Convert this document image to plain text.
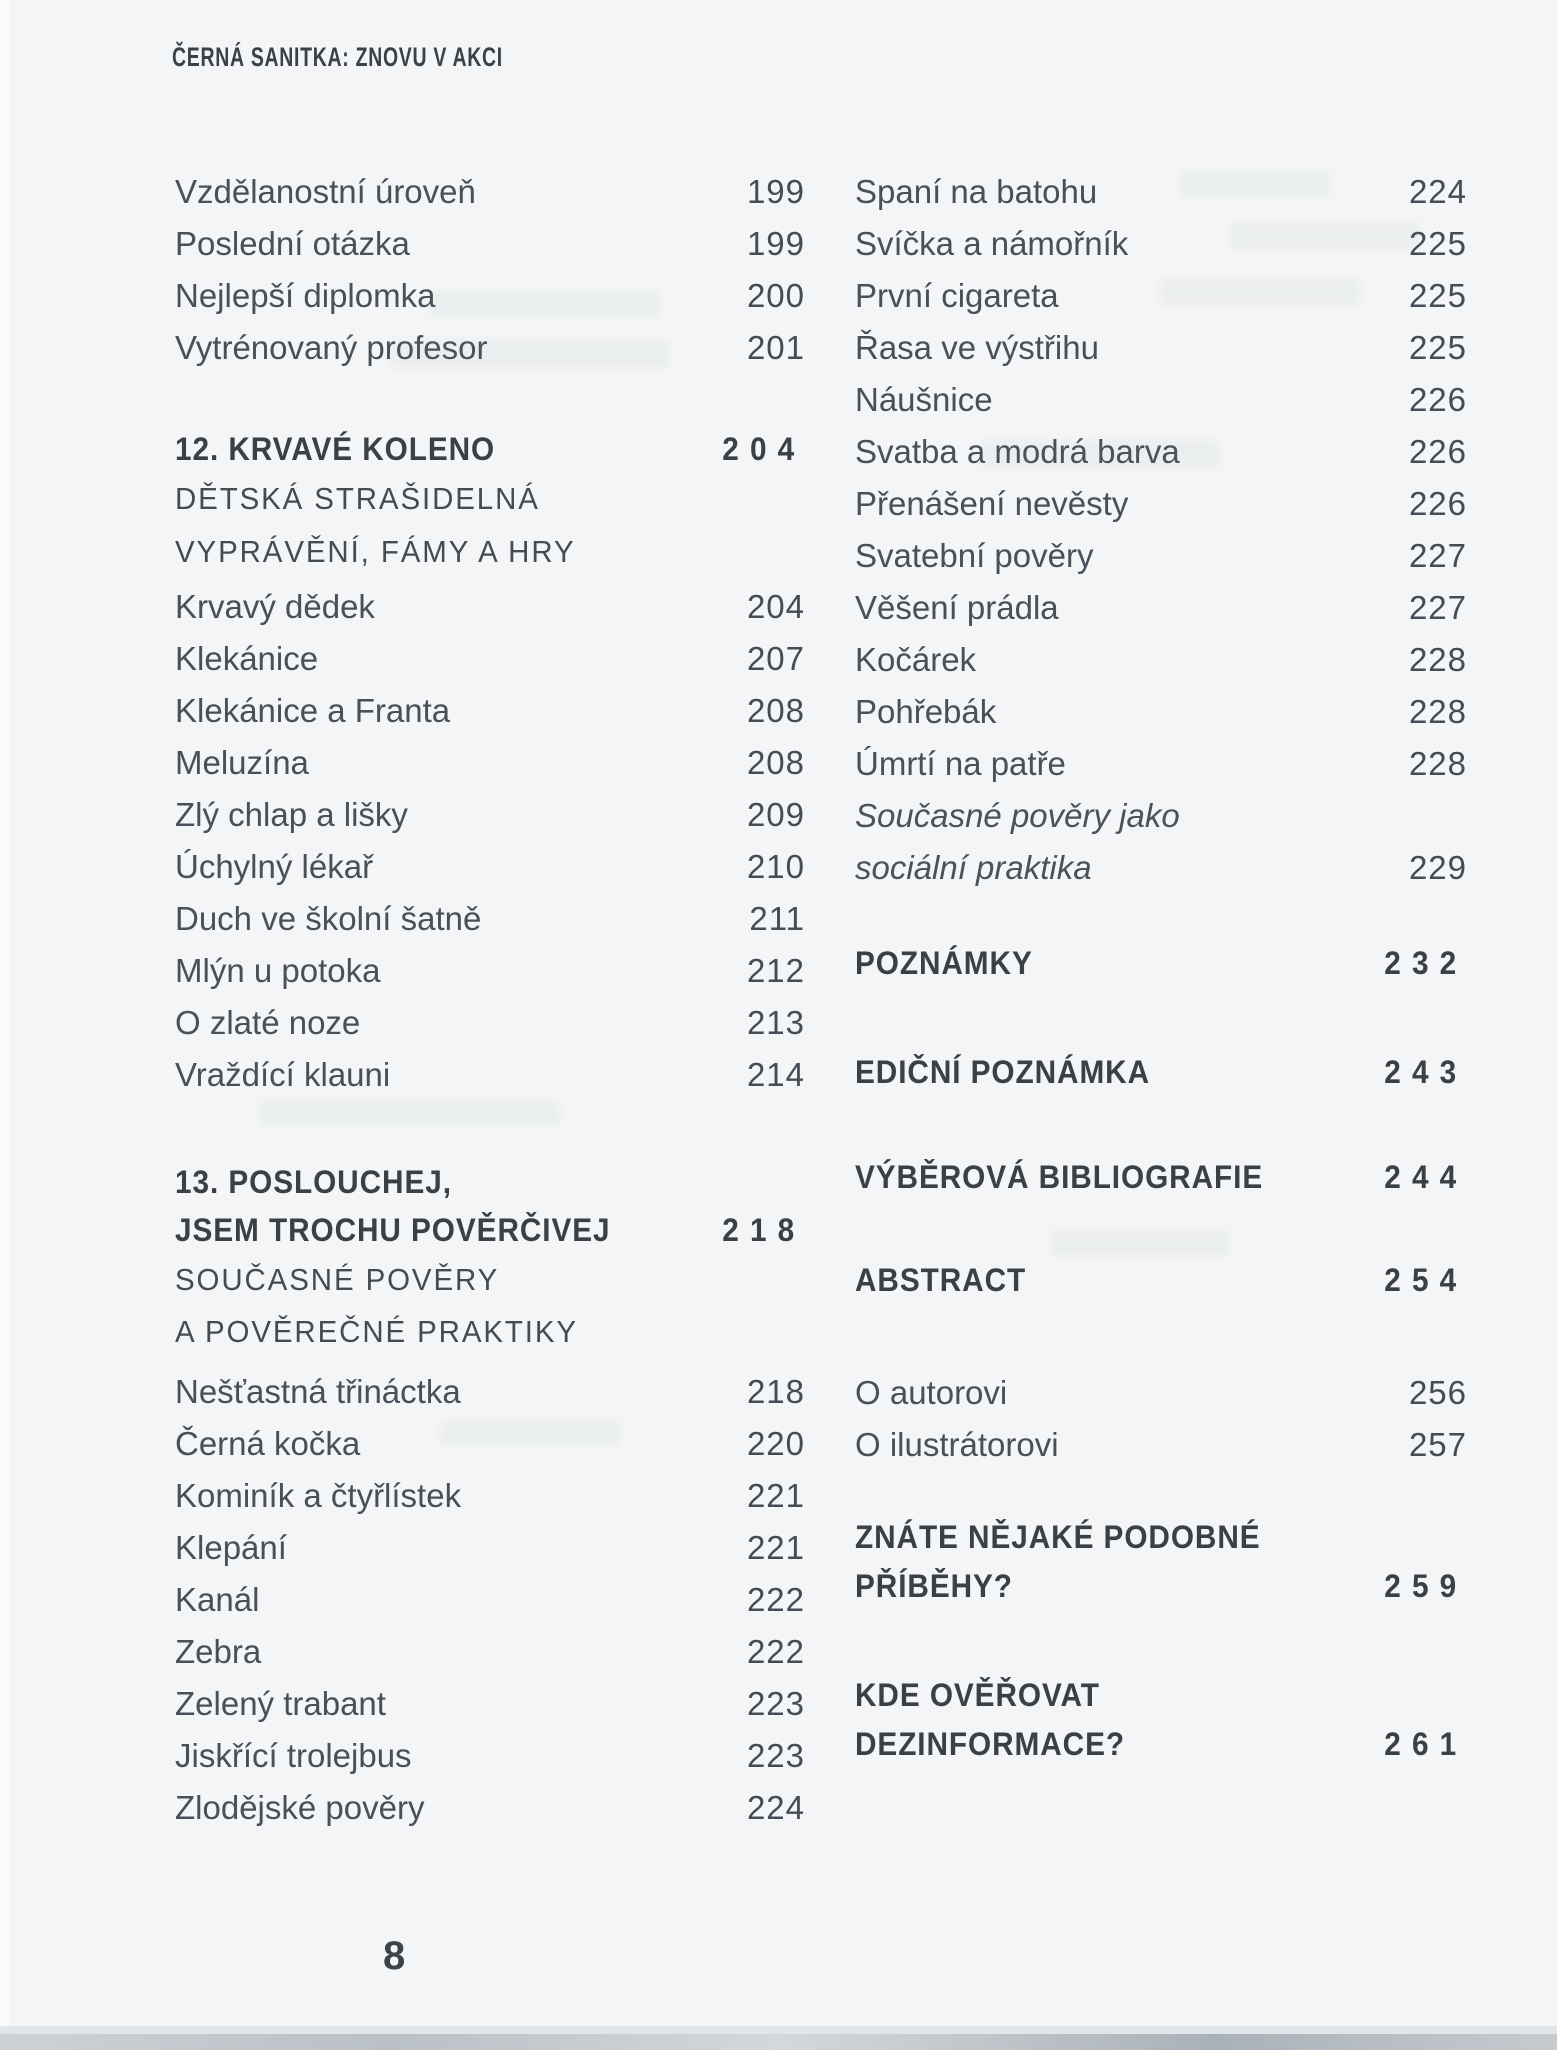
ČERNÁ SANITKA: ZNOVU V AKCI
Vzdělanostní úroveň	199
Poslední otázka	199
Nejlepší diplomka	200
Vytrénovaný profesor	201
12. KRVAVÉ KOLENO	204
DĚTSKÁ STRAŠIDELNÁ
VYPRÁVĚNÍ, FÁMY A HRY
Krvavý dědek	204
Klekánice	207
Klekánice a Franta	208
Meluzína	208
Zlý chlap a lišky	209
Úchylný lékař	210
Duch ve školní šatně	211
Mlýn u potoka	212
O zlaté noze	213
Vraždící klauni	214
13. POSLOUCHEJ,
JSEM TROCHU POVĚRČIVEJ	218
SOUČASNÉ POVĚRY
A POVĚREČNÉ PRAKTIKY
Nešťastná třináctka	218
Černá kočka	220
Kominík a čtyřlístek	221
Klepání	221
Kanál	222
Zebra	222
Zelený trabant	223
Jiskřící trolejbus	223
Zlodějské pověry	224
Spaní na batohu	224
Svíčka a námořník	225
První cigareta	225
Řasa ve výstřihu	225
Náušnice	226
Svatba a modrá barva	226
Přenášení nevěsty	226
Svatební pověry	227
Věšení prádla	227
Kočárek	228
Pohřebák	228
Úmrtí na patře	228
Současné pověry jako
sociální praktika	229
POZNÁMKY	232
EDIČNÍ POZNÁMKA	243
VÝBĚROVÁ BIBLIOGRAFIE	244
ABSTRACT	254
O autorovi	256
O ilustrátorovi	257
ZNÁTE NĚJAKÉ PODOBNÉ
PŘÍBĚHY?	259
KDE OVĚŘOVAT
DEZINFORMACE?	261
8
